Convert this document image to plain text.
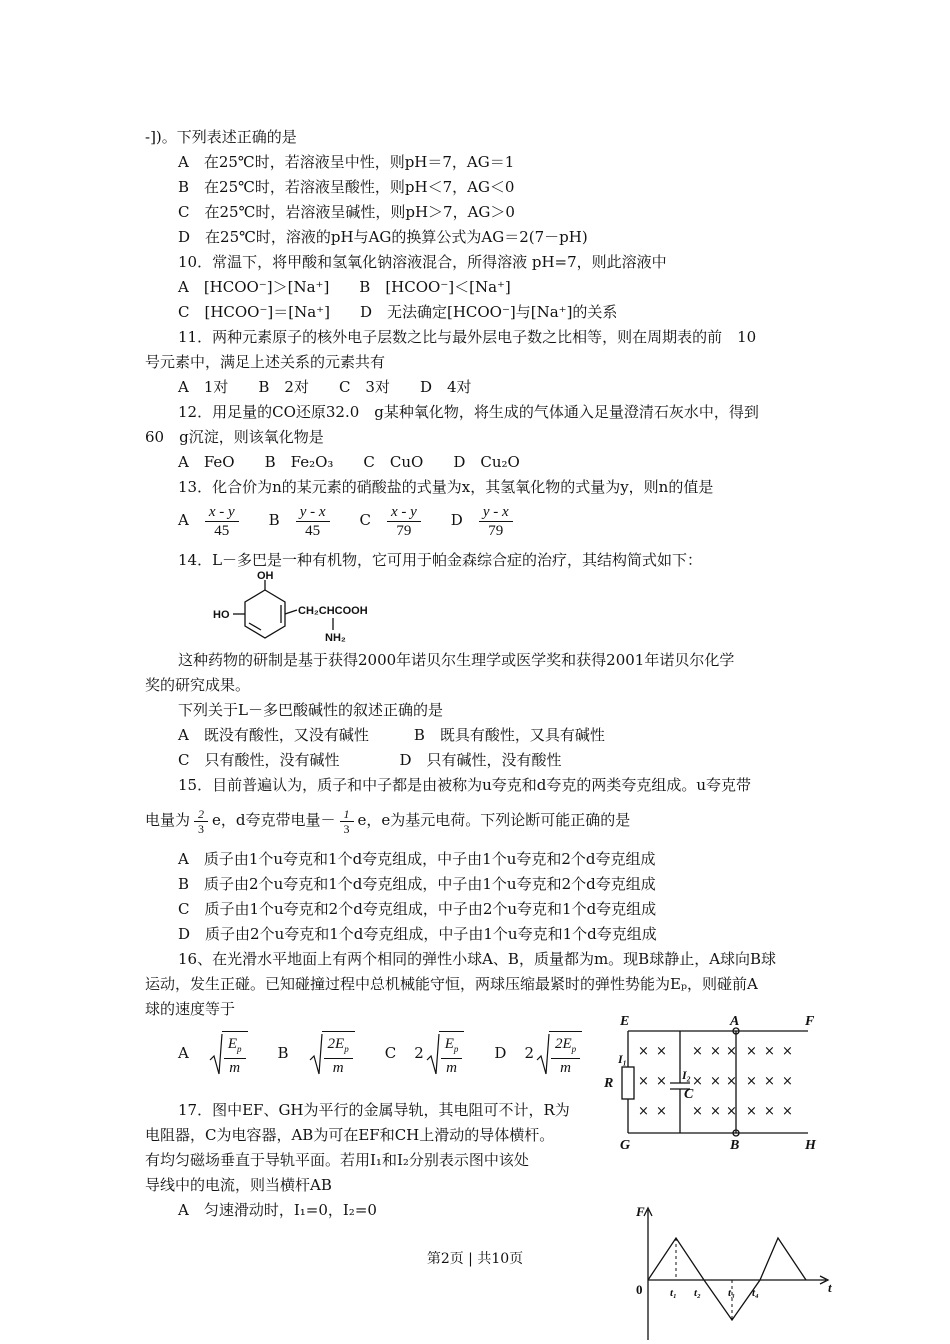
-])。下列表述正确的是
A　在25℃时，若溶液呈中性，则pH＝7，AG＝1
B　在25℃时，若溶液呈酸性，则pH＜7，AG＜0
C　在25℃时，岩溶液呈碱性，则pH＞7，AG＞0
D　在25℃时，溶液的pH与AG的换算公式为AG＝2(7－pH)
10．常温下，将甲酸和氢氧化钠溶液混合，所得溶液 pH=7，则此溶液中
A　[HCOO⁻]＞[Na⁺]　　B　[HCOO⁻]＜[Na⁺]
C　[HCOO⁻]＝[Na⁺]　　D　无法确定[HCOO⁻]与[Na⁺]的关系
11．两种元素原子的核外电子层数之比与最外层电子数之比相等，则在周期表的前　10
号元素中，满足上述关系的元素共有
A　1对　　B　2对　　C　3对　　D　4对
12．用足量的CO还原32.0　g某种氧化物，将生成的气体通入足量澄清石灰水中，得到
60　g沉淀，则该氧化物是
A　FeO　　B　Fe₂O₃　　C　CuO　　D　Cu₂O
13．化合价为n的某元素的硝酸盐的式量为x，其氢氧化物的式量为y，则n的值是
A $\frac{x - y}{45}$ B $\frac{y - x}{45}$ C $\frac{x - y}{79}$ D $\frac{y - x}{79}$
14．L－多巴是一种有机物，它可用于帕金森综合症的治疗，其结构简式如下：
OH
HO	CH₂CHCOOH
NH₂
这种药物的研制是基于获得2000年诺贝尔生理学或医学奖和获得2001年诺贝尔化学
奖的研究成果。
下列关于L－多巴酸碱性的叙述正确的是
A　既没有酸性，又没有碱性　　　B　既具有酸性，又具有碱性
C　只有酸性，没有碱性　　　　D　只有碱性，没有酸性
15．目前普遍认为，质子和中子都是由被称为u夸克和d夸克的两类夸克组成。u夸克带
电量为 $\frac{2}{3}$ e，d夸克带电量－ $\frac{1}{3}$ e，e为基元电荷。下列论断可能正确的是
A　质子由1个u夸克和1个d夸克组成，中子由1个u夸克和2个d夸克组成
B　质子由2个u夸克和1个d夸克组成，中子由1个u夸克和2个d夸克组成
C　质子由1个u夸克和2个d夸克组成，中子由2个u夸克和1个d夸克组成
D　质子由2个u夸克和1个d夸克组成，中子由1个u夸克和1个d夸克组成
16、在光滑水平地面上有两个相同的弹性小球A、B，质量都为m。现B球静止，A球向B球
运动，发生正碰。已知碰撞过程中总机械能守恒，两球压缩最紧时的弹性势能为Eₚ，则碰前A
球的速度等于
A $\frac{E_p}{m}$ B $\frac{2E_p}{m}$ C $2 \frac{E_p}{m}$ D $2 \frac{2E_p}{m}$	×
×
×
×
×
×
×
×
×
×
×
×
×
×
×
×
×
×
×
×
×
×
×
×
E	A	F
G	B	H
R
C
I₁
I₂
17．图中EF、GH为平行的金属导轨，其电阻可不计，R为
电阻器，C为电容器，AB为可在EF和CH上滑动的导体横杆。
有均匀磁场垂直于导轨平面。若用I₁和I₂分别表示图中该处
导线中的电流，则当横杆AB
A　匀速滑动时，I₁=0，I₂=0	F
t
0	t₁ t₂ t₃ t₄
第2页 | 共10页
